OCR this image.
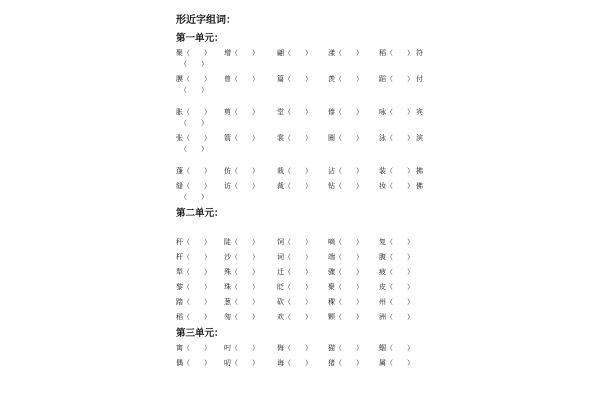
形近字组词：
第一单元：
聚（　　） 增（　　）	翩（　　） 漾（　　） 稻（　　） 符
（　　）
膜（　　） 曾（　　）	篇（　　） 羡（　　） 蹈（　　） 付
（　　）
胀（　　） 剪（　　）	堂（　　） 傣（　　） 咏（　　） 宾
（　　）
张（　　） 箭（　　）	裳（　　） 圈（　　） 泳（　　） 滨
（　　）
蓬（　　） 仿（　　）	栽（　　） 沾（　　） 装（　　） 拂
缝（　　） 访（　　）	裁（　　） 钻（　　） 妆（　　） 佛
（　　）
第二单元：
秆（　　） 陡（　　）	饲（　　） 嘀（　　） 复（　　）
杆（　　） 沙（　　）	词（　　） 端（　　） 腹（　　）
犁（　　） 殊（　　）	迁（　　） 骤（　　） 疲（　　）
黎（　　） 珠（　　）	眨（　　） 聚（　　） 皮（　　）
踏（　　） 葱（　　）	砍（　　） 稞（　　） 州（　　）
稻（　　） 匆（　　）	欢（　　） 颗（　　） 洲（　　）
第三单元：
寓（　　） 叼（　　）	侮（　　） 猫（　　） 蝈（　　）
偶（　　） 叨（　　）	诲（　　） 猪（　　） 属（　　）
